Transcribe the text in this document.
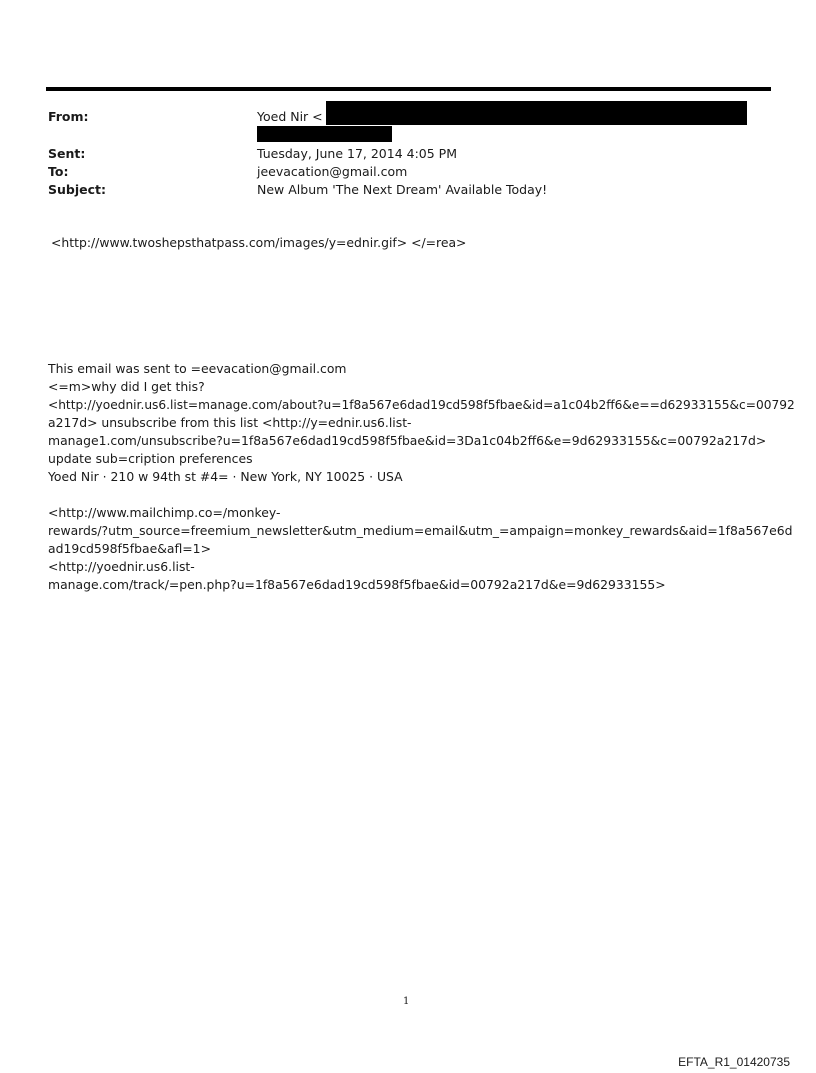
From:	Yoed Nir <
Sent:	Tuesday, June 17, 2014 4:05 PM
To:	jeevacation@gmail.com
Subject:	New Album 'The Next Dream' Available Today!
<http://www.twoshepsthatpass.com/images/y=ednir.gif> </=rea>
This email was sent to =eevacation@gmail.com
<=m>why did I get this?
<http://yoednir.us6.list=manage.com/about?u=1f8a567e6dad19cd598f5fbae&id=a1c04b2ff6&e==d62933155&c=00792
a217d> unsubscribe from this list <http://y=ednir.us6.list-
manage1.com/unsubscribe?u=1f8a567e6dad19cd598f5fbae&id=3Da1c04b2ff6&e=9d62933155&c=00792a217d>
update sub=cription preferences
Yoed Nir · 210 w 94th st #4= · New York, NY 10025 · USA
<http://www.mailchimp.co=/monkey-
rewards/?utm_source=freemium_newsletter&utm_medium=email&utm_=ampaign=monkey_rewards&aid=1f8a567e6d
ad19cd598f5fbae&afl=1>
<http://yoednir.us6.list-
manage.com/track/=pen.php?u=1f8a567e6dad19cd598f5fbae&id=00792a217d&e=9d62933155>
1
EFTA_R1_01420735
